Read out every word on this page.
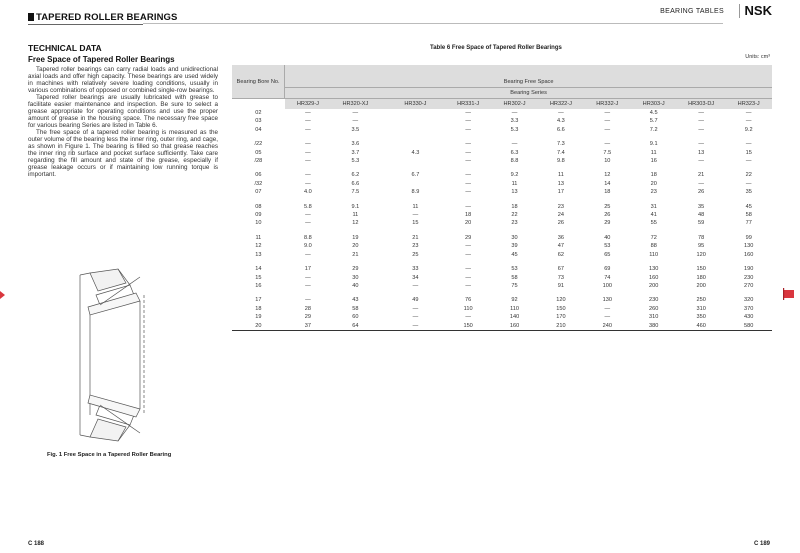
TAPERED ROLLER BEARINGS
BEARING TABLES	NSK
TECHNICAL DATA
Free Space of Tapered Roller Bearings

Tapered roller bearings can carry radial loads and unidirectional axial loads and offer high capacity. These bearings are used widely in machines with relatively severe loading conditions, usually in various combinations of opposed or combined single-row bearings.

Tapered roller bearings are usually lubricated with grease to facilitate easier maintenance and inspection. Be sure to select a grease appropriate for operating conditions and use the proper amount of grease in the housing space. The necessary free space for various bearing Series are listed in Table 6.

The free space of a tapered roller bearing is measured as the outer volume of the bearing less the inner ring, outer ring, and cage, as shown in Figure 1. The bearing is filled so that grease reaches the inner ring rib surface and pocket surface sufficiently. Take care regarding the fill amount and state of the grease, especially if grease leakage occurs or if maintaining low running torque is important.

Fig. 1 Free Space in a Tapered Roller Bearing
Table 6 Free Space of Tapered Roller Bearings
Units: cm³
Bearing Bore No.											
	Bearing Free Space										
	Bearing Series										
	HR329-J	HR320-XJ		HR330-J	HR331-J	HR302-J	HR322-J	HR332-J	HR303-J	HR303-DJ	HR323-J
02	—	—			—	—	—	—	4.5	—	—
03	—	—			—	3.3	4.3	—	5.7	—	—
04	—	3.5			—	5.3	6.6	—	7.2	—	9.2
/22	—	3.6			—	—	7.3	—	9.1	—	—
05	—	3.7		4.3	—	6.3	7.4	7.5	11	13	15
/28	—	5.3			—	8.8	9.8	10	16	—	—
06	—	6.2		6.7	—	9.2	11	12	18	21	22
/32	—	6.6			—	11	13	14	20	—	—
07	4.0	7.5		8.9	—	13	17	18	23	26	35
08	5.8	9.1		11	—	18	23	25	31	35	45
09	—	11		—	18	22	24	26	41	48	58
10	—	12		15	20	23	26	29	55	59	77
11	8.8	19		21	29	30	36	40	72	78	99
12	9.0	20		23	—	39	47	53	88	95	130
13	—	21		25	—	45	62	65	110	120	160
14	17	29		33	—	53	67	69	130	150	190
15	—	30		34	—	58	73	74	160	180	230
16	—	40		—	—	75	91	100	200	200	270
17	—	43		49	76	92	120	130	230	250	320
18	28	58		—	110	110	150	—	260	310	370
19	29	60		—	—	140	170	—	310	350	430
20	37	64		—	150	160	210	240	380	460	580
C 188	C 189
